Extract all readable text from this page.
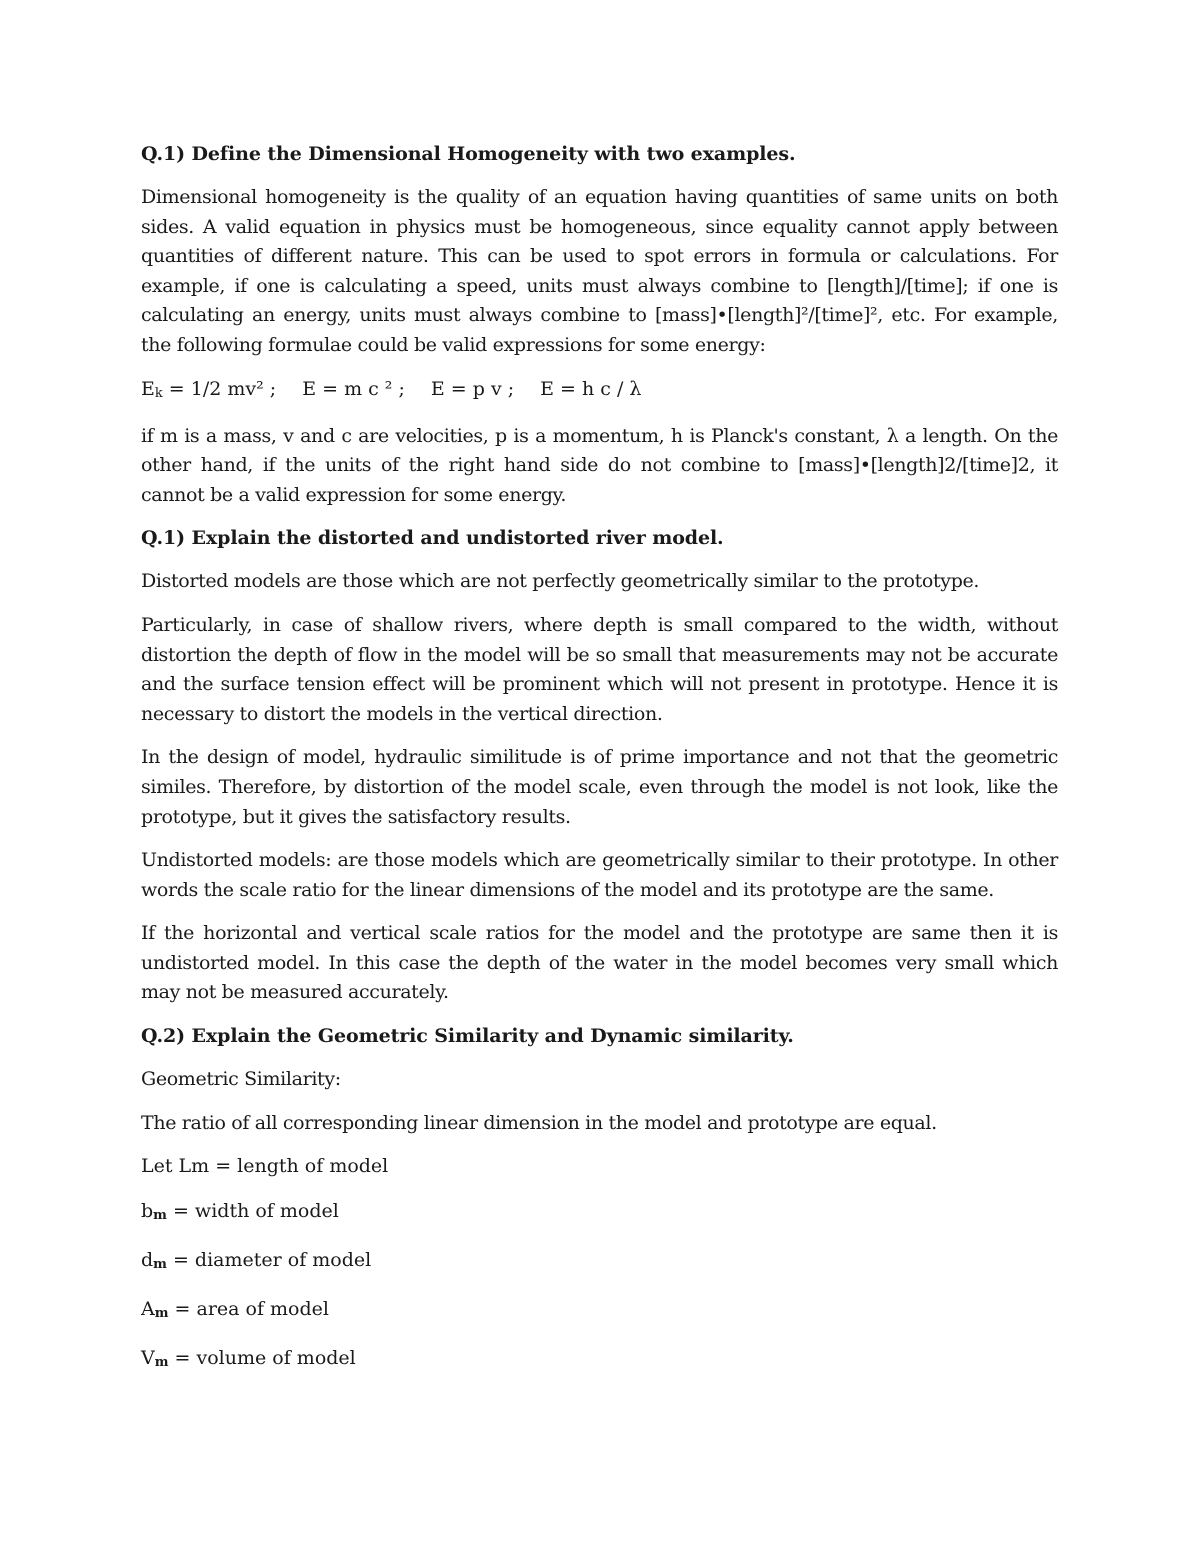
Q.1) Define the Dimensional Homogeneity with two examples.

Dimensional homogeneity is the quality of an equation having quantities of same units on both sides. A valid equation in physics must be homogeneous, since equality cannot apply between quantities of different nature. This can be used to spot errors in formula or calculations. For example, if one is calculating a speed, units must always combine to [length]/[time]; if one is calculating an energy, units must always combine to [mass]•[length]²/[time]², etc. For example, the following formulae could be valid expressions for some energy:

$E_k = 1/2$ mv² ; E = m c ² ; E = p v ; E = h c / λ

if m is a mass, v and c are velocities, p is a momentum, h is Planck's constant, λ a length. On the other hand, if the units of the right hand side do not combine to [mass]•[length]2/[time]2, it cannot be a valid expression for some energy.

Q.1) Explain the distorted and undistorted river model.

Distorted models are those which are not perfectly geometrically similar to the prototype.

Particularly, in case of shallow rivers, where depth is small compared to the width, without distortion the depth of flow in the model will be so small that measurements may not be accurate and the surface tension effect will be prominent which will not present in prototype. Hence it is necessary to distort the models in the vertical direction.

In the design of model, hydraulic similitude is of prime importance and not that the geometric similes. Therefore, by distortion of the model scale, even through the model is not look, like the prototype, but it gives the satisfactory results.

Undistorted models: are those models which are geometrically similar to their prototype. In other words the scale ratio for the linear dimensions of the model and its prototype are the same.

If the horizontal and vertical scale ratios for the model and the prototype are same then it is undistorted model. In this case the depth of the water in the model becomes very small which may not be measured accurately.

Q.2) Explain the Geometric Similarity and Dynamic similarity.

Geometric Similarity:

The ratio of all corresponding linear dimension in the model and prototype are equal.

Let Lm = length of model
$b_m$ = width of model
$d_m$ = diameter of model
$A_m$ = area of model
$V_m$ = volume of model
